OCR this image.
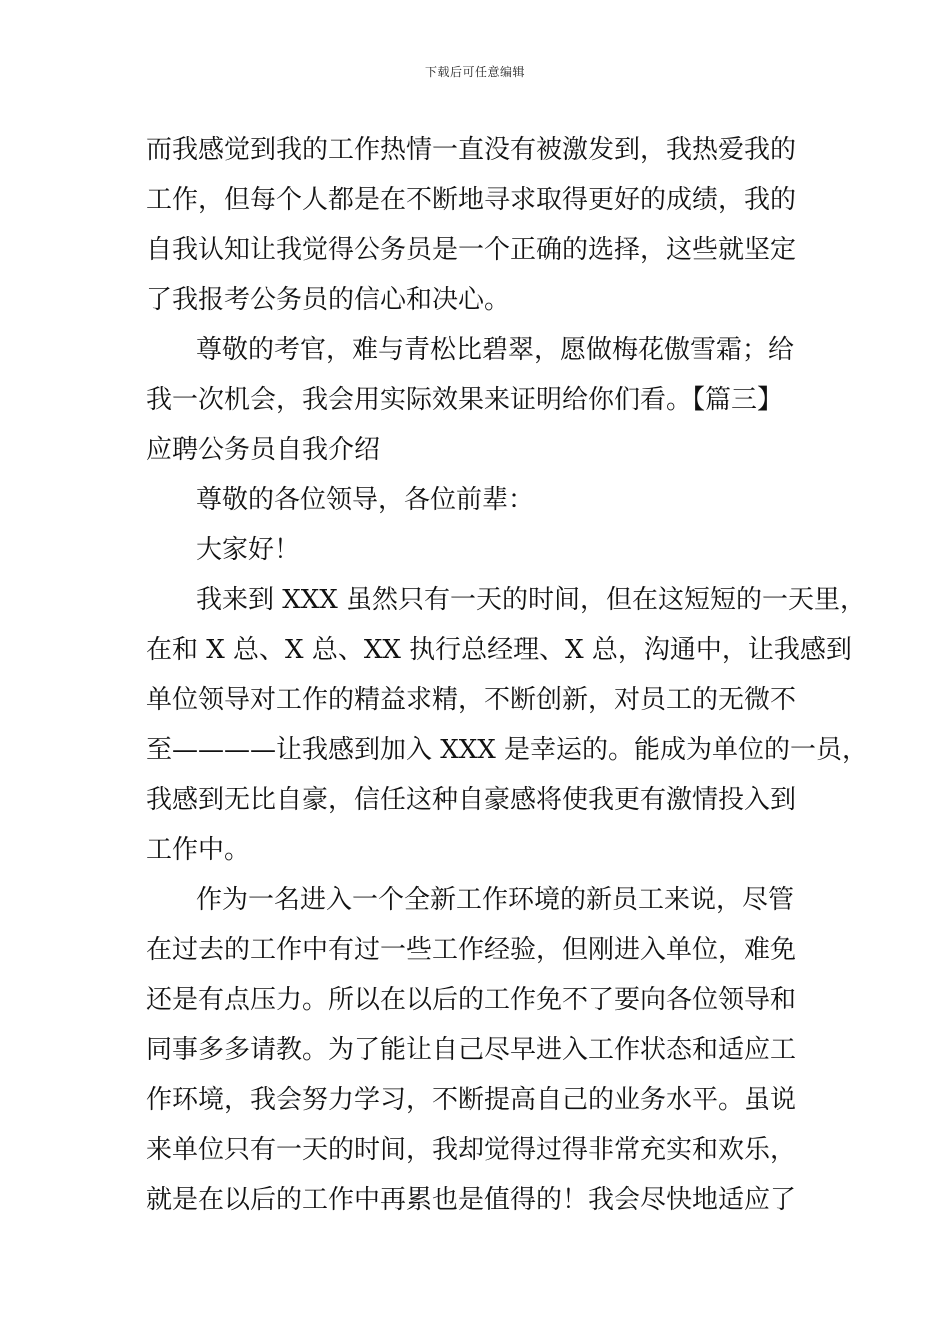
下载后可任意编辑
而我感觉到我的工作热情一直没有被激发到，我热爱我的
工作，但每个人都是在不断地寻求取得更好的成绩，我的
自我认知让我觉得公务员是一个正确的选择，这些就坚定
了我报考公务员的信心和决心。
尊敬的考官，难与青松比碧翠，愿做梅花傲雪霜；给
我一次机会，我会用实际效果来证明给你们看。【篇三】
应聘公务员自我介绍
尊敬的各位领导，各位前辈：
大家好！
我来到 XXX 虽然只有一天的时间，但在这短短的一天里，
在和 X 总、X 总、XX 执行总经理、X 总，沟通中，让我感到
单位领导对工作的精益求精，不断创新，对员工的无微不
至————让我感到加入 XXX 是幸运的。能成为单位的一员，
我感到无比自豪，信任这种自豪感将使我更有激情投入到
工作中。
作为一名进入一个全新工作环境的新员工来说，尽管
在过去的工作中有过一些工作经验，但刚进入单位，难免
还是有点压力。所以在以后的工作免不了要向各位领导和
同事多多请教。为了能让自己尽早进入工作状态和适应工
作环境，我会努力学习，不断提高自己的业务水平。虽说
来单位只有一天的时间，我却觉得过得非常充实和欢乐，
就是在以后的工作中再累也是值得的！我会尽快地适应了
